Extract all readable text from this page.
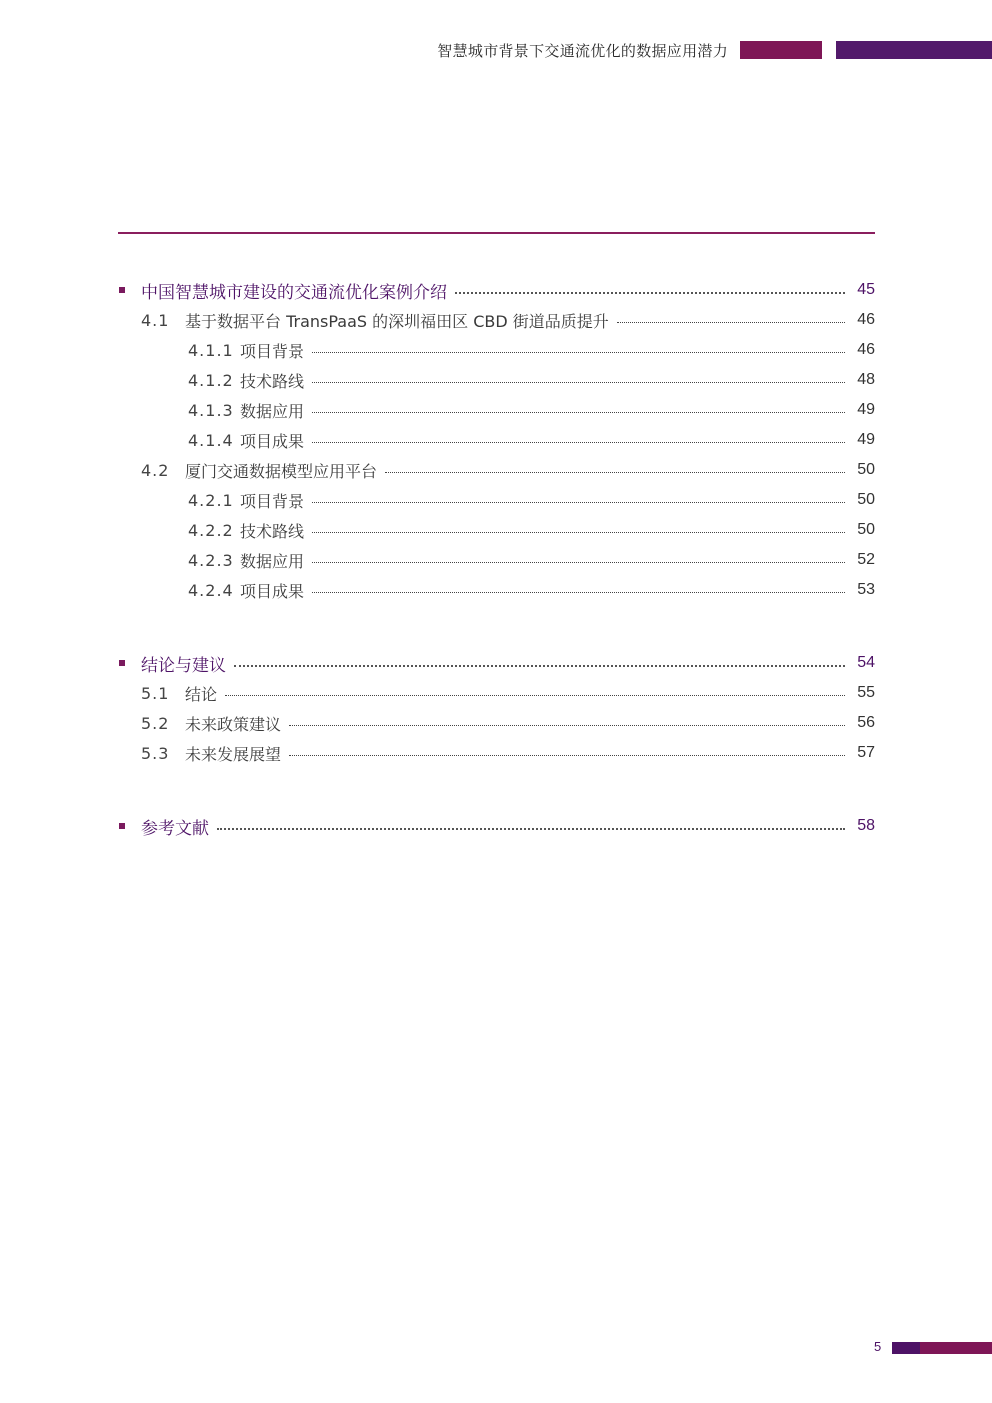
智慧城市背景下交通流优化的数据应用潜力
中国智慧城市建设的交通流优化案例介绍	45
4.1 基于数据平台 TransPaaS 的深圳福田区 CBD 街道品质提升	46
4.1.1 项目背景	46
4.1.2 技术路线	48
4.1.3 数据应用	49
4.1.4 项目成果	49
4.2 厦门交通数据模型应用平台	50
4.2.1 项目背景	50
4.2.2 技术路线	50
4.2.3 数据应用	52
4.2.4 项目成果	53
结论与建议	54
5.1 结论	55
5.2 未来政策建议	56
5.3 未来发展展望	57
参考文献	58
5
